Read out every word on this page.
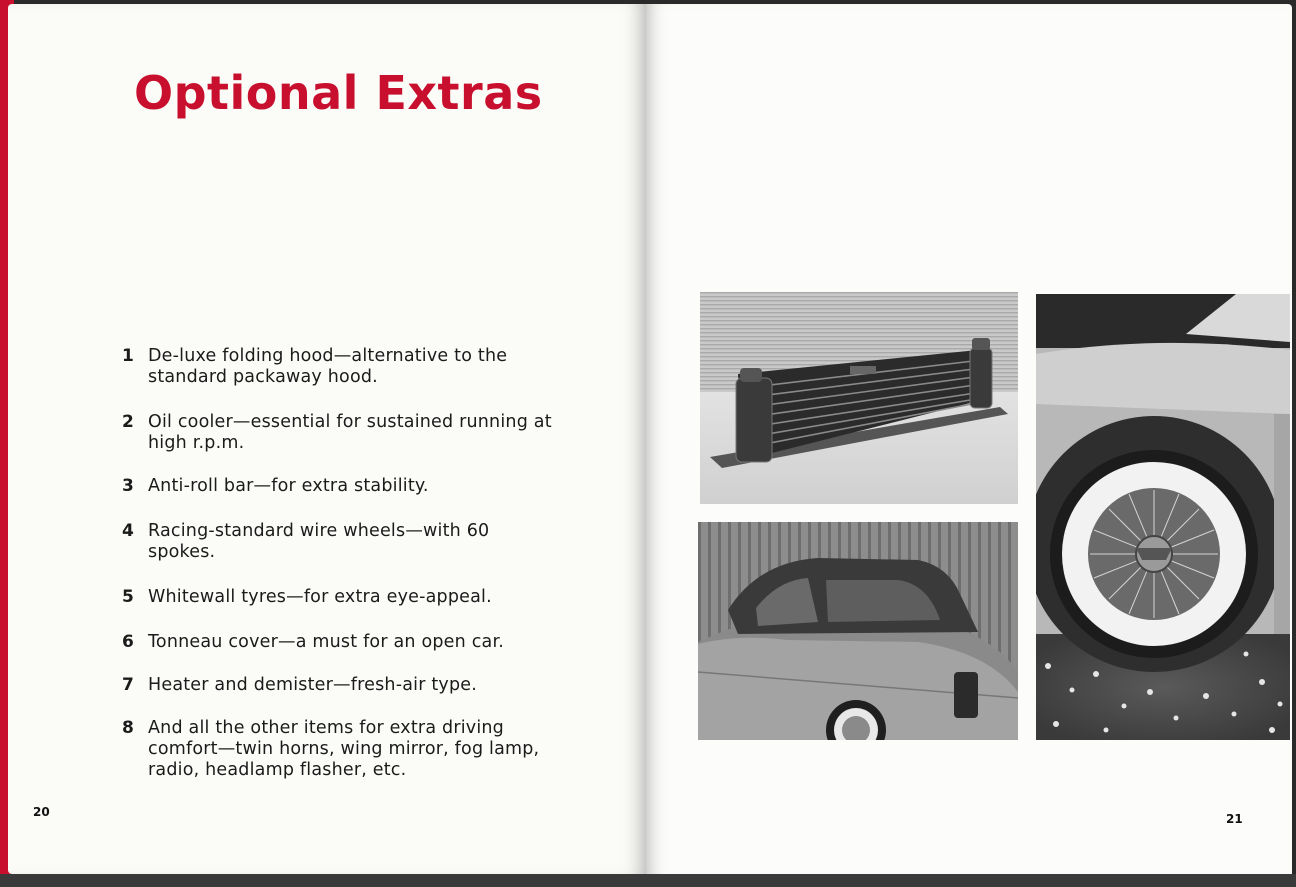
Optional Extras
1 De-luxe folding hood—alternative to the standard packaway hood.
2 Oil cooler—essential for sustained running at high r.p.m.
3 Anti-roll bar—for extra stability.
4 Racing-standard wire wheels—with 60 spokes.
5 Whitewall tyres—for extra eye-appeal.
6 Tonneau cover—a must for an open car.
7 Heater and demister—fresh-air type.
8 And all the other items for extra driving comfort—twin horns, wing mirror, fog lamp, radio, headlamp flasher, etc.
20	21
